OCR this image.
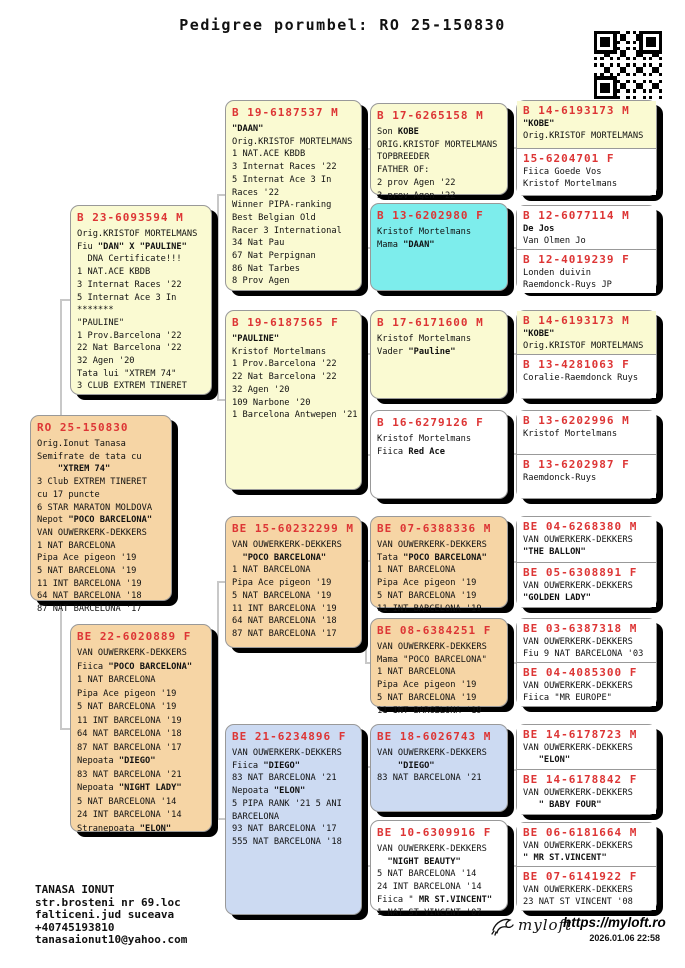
Pedigree porumbel: RO 25-150830
RO 25-150830
Orig.Ionut Tanasa
Semifrate de tata cu
"XTREM 74"
3 Club EXTREM TINERET
cu 17 puncte
6 STAR MARATON MOLDOVA
Nepot "POCO BARCELONA"
VAN OUWERKERK-DEKKERS
1 NAT BARCELONA
Pipa Ace pigeon '19
5 NAT BARCELONA '19
11 INT BARCELONA '19
64 NAT BARCELONA '18
87 NAT BARCELONA '17
B 23-6093594 M
Orig.KRISTOF MORTELMANS
Fiu "DAN" X "PAULINE"
DNA Certificate!!!
1 NAT.ACE KBDB
3 Internat Races '22
5 Internat Ace 3 In
*******
"PAULINE"
1 Prov.Barcelona '22
22 Nat Barcelona '22
32 Agen '20
Tata lui "XTREM 74"
3 CLUB EXTREM TINERET
BE 22-6020889 F
VAN OUWERKERK-DEKKERS
Fiica "POCO BARCELONA"
1 NAT BARCELONA
Pipa Ace pigeon '19
5 NAT BARCELONA '19
11 INT BARCELONA '19
64 NAT BARCELONA '18
87 NAT BARCELONA '17
Nepoata "DIEGO"
83 NAT BARCELONA '21
Nepoata "NIGHT LADY"
5 NAT BARCELONA '14
24 INT BARCELONA '14
Stranepoata "ELON"
B 19-6187537 M
"DAAN"
Orig.KRISTOF MORTELMANS
1 NAT.ACE KBDB
3 Internat Races '22
5 Internat Ace 3 In
Races '22
Winner PIPA-ranking
Best Belgian Old
Racer 3 International
34 Nat Pau
67 Nat Perpignan
86 Nat Tarbes
8 Prov Agen
B 19-6187565 F
"PAULINE"
Kristof Mortelmans
1 Prov.Barcelona '22
22 Nat Barcelona '22
32 Agen '20
109 Narbone '20
1 Barcelona Antwepen '21
BE 15-60232299 M
VAN OUWERKERK-DEKKERS
"POCO BARCELONA"
1 NAT BARCELONA
Pipa Ace pigeon '19
5 NAT BARCELONA '19
11 INT BARCELONA '19
64 NAT BARCELONA '18
87 NAT BARCELONA '17
BE 21-6234896 F
VAN OUWERKERK-DEKKERS
Fiica "DIEGO"
83 NAT BARCELONA '21
Nepoata "ELON"
5 PIPA RANK '21 5 ANI
BARCELONA
93 NAT BARCELONA '17
555 NAT BARCELONA '18
B 17-6265158 M
Son KOBE
ORIG.KRISTOF MORTELMANS
TOPBREEDER
FATHER OF:
2 prov Agen '22
3 prov Agen '22
B 13-6202980 F
Kristof Mortelmans
Mama "DAAN"
B 17-6171600 M
Kristof Mortelmans
Vader "Pauline"
B 16-6279126 F
Kristof Mortelmans
Fiica Red Ace
BE 07-6388336 M
VAN OUWERKERK-DEKKERS
Tata "POCO BARCELONA"
1 NAT BARCELONA
Pipa Ace pigeon '19
5 NAT BARCELONA '19
11 INT BARCELONA '19
BE 08-6384251 F
VAN OUWERKERK-DEKKERS
Mama "POCO BARCELONA"
1 NAT BARCELONA
Pipa Ace pigeon '19
5 NAT BARCELONA '19
11 INT BARCELONA '19
BE 18-6026743 M
VAN OUWERKERK-DEKKERS
"DIEGO"
83 NAT BARCELONA '21
BE 10-6309916 F
VAN OUWERKERK-DEKKERS
"NIGHT BEAUTY"
5 NAT BARCELONA '14
24 INT BARCELONA '14
Fiica " MR ST.VINCENT"
1 NAT ST VINCENT '07
B 14-6193173 M
"KOBE"
Orig.KRISTOF MORTELMANS
15-6204701 F
Fiica Goede Vos
Kristof Mortelmans
B 12-6077114 M
De Jos
Van Olmen Jo
B 12-4019239 F
Londen duivin
Raemdonck-Ruys JP
B 14-6193173 M
"KOBE"
Orig.KRISTOF MORTELMANS
B 13-4281063 F
Coralie-Raemdonck Ruys
B 13-6202996 M
Kristof Mortelmans
B 13-6202987 F
Raemdonck-Ruys
BE 04-6268380 M
VAN OUWERKERK-DEKKERS
"THE BALLON"
BE 05-6308891 F
VAN OUWERKERK-DEKKERS
"GOLDEN LADY"
BE 03-6387318 M
VAN OUWERKERK-DEKKERS
Fiu 9 NAT BARCELONA '03
BE 04-4085300 F
VAN OUWERKERK-DEKKERS
Fiica "MR EUROPE"
BE 14-6178723 M
VAN OUWERKERK-DEKKERS
"ELON"
BE 14-6178842 F
VAN OUWERKERK-DEKKERS
" BABY FOUR"
BE 06-6181664 M
VAN OUWERKERK-DEKKERS
" MR ST.VINCENT"
BE 07-6141922 F
VAN OUWERKERK-DEKKERS
23 NAT ST VINCENT '08
TANASA IONUT
str.brosteni nr 69.loc
falticeni.jud suceava
+40745193810
tanasaionut10@yahoo.com
myloft
https://myloft.ro
2026.01.06 22:58
